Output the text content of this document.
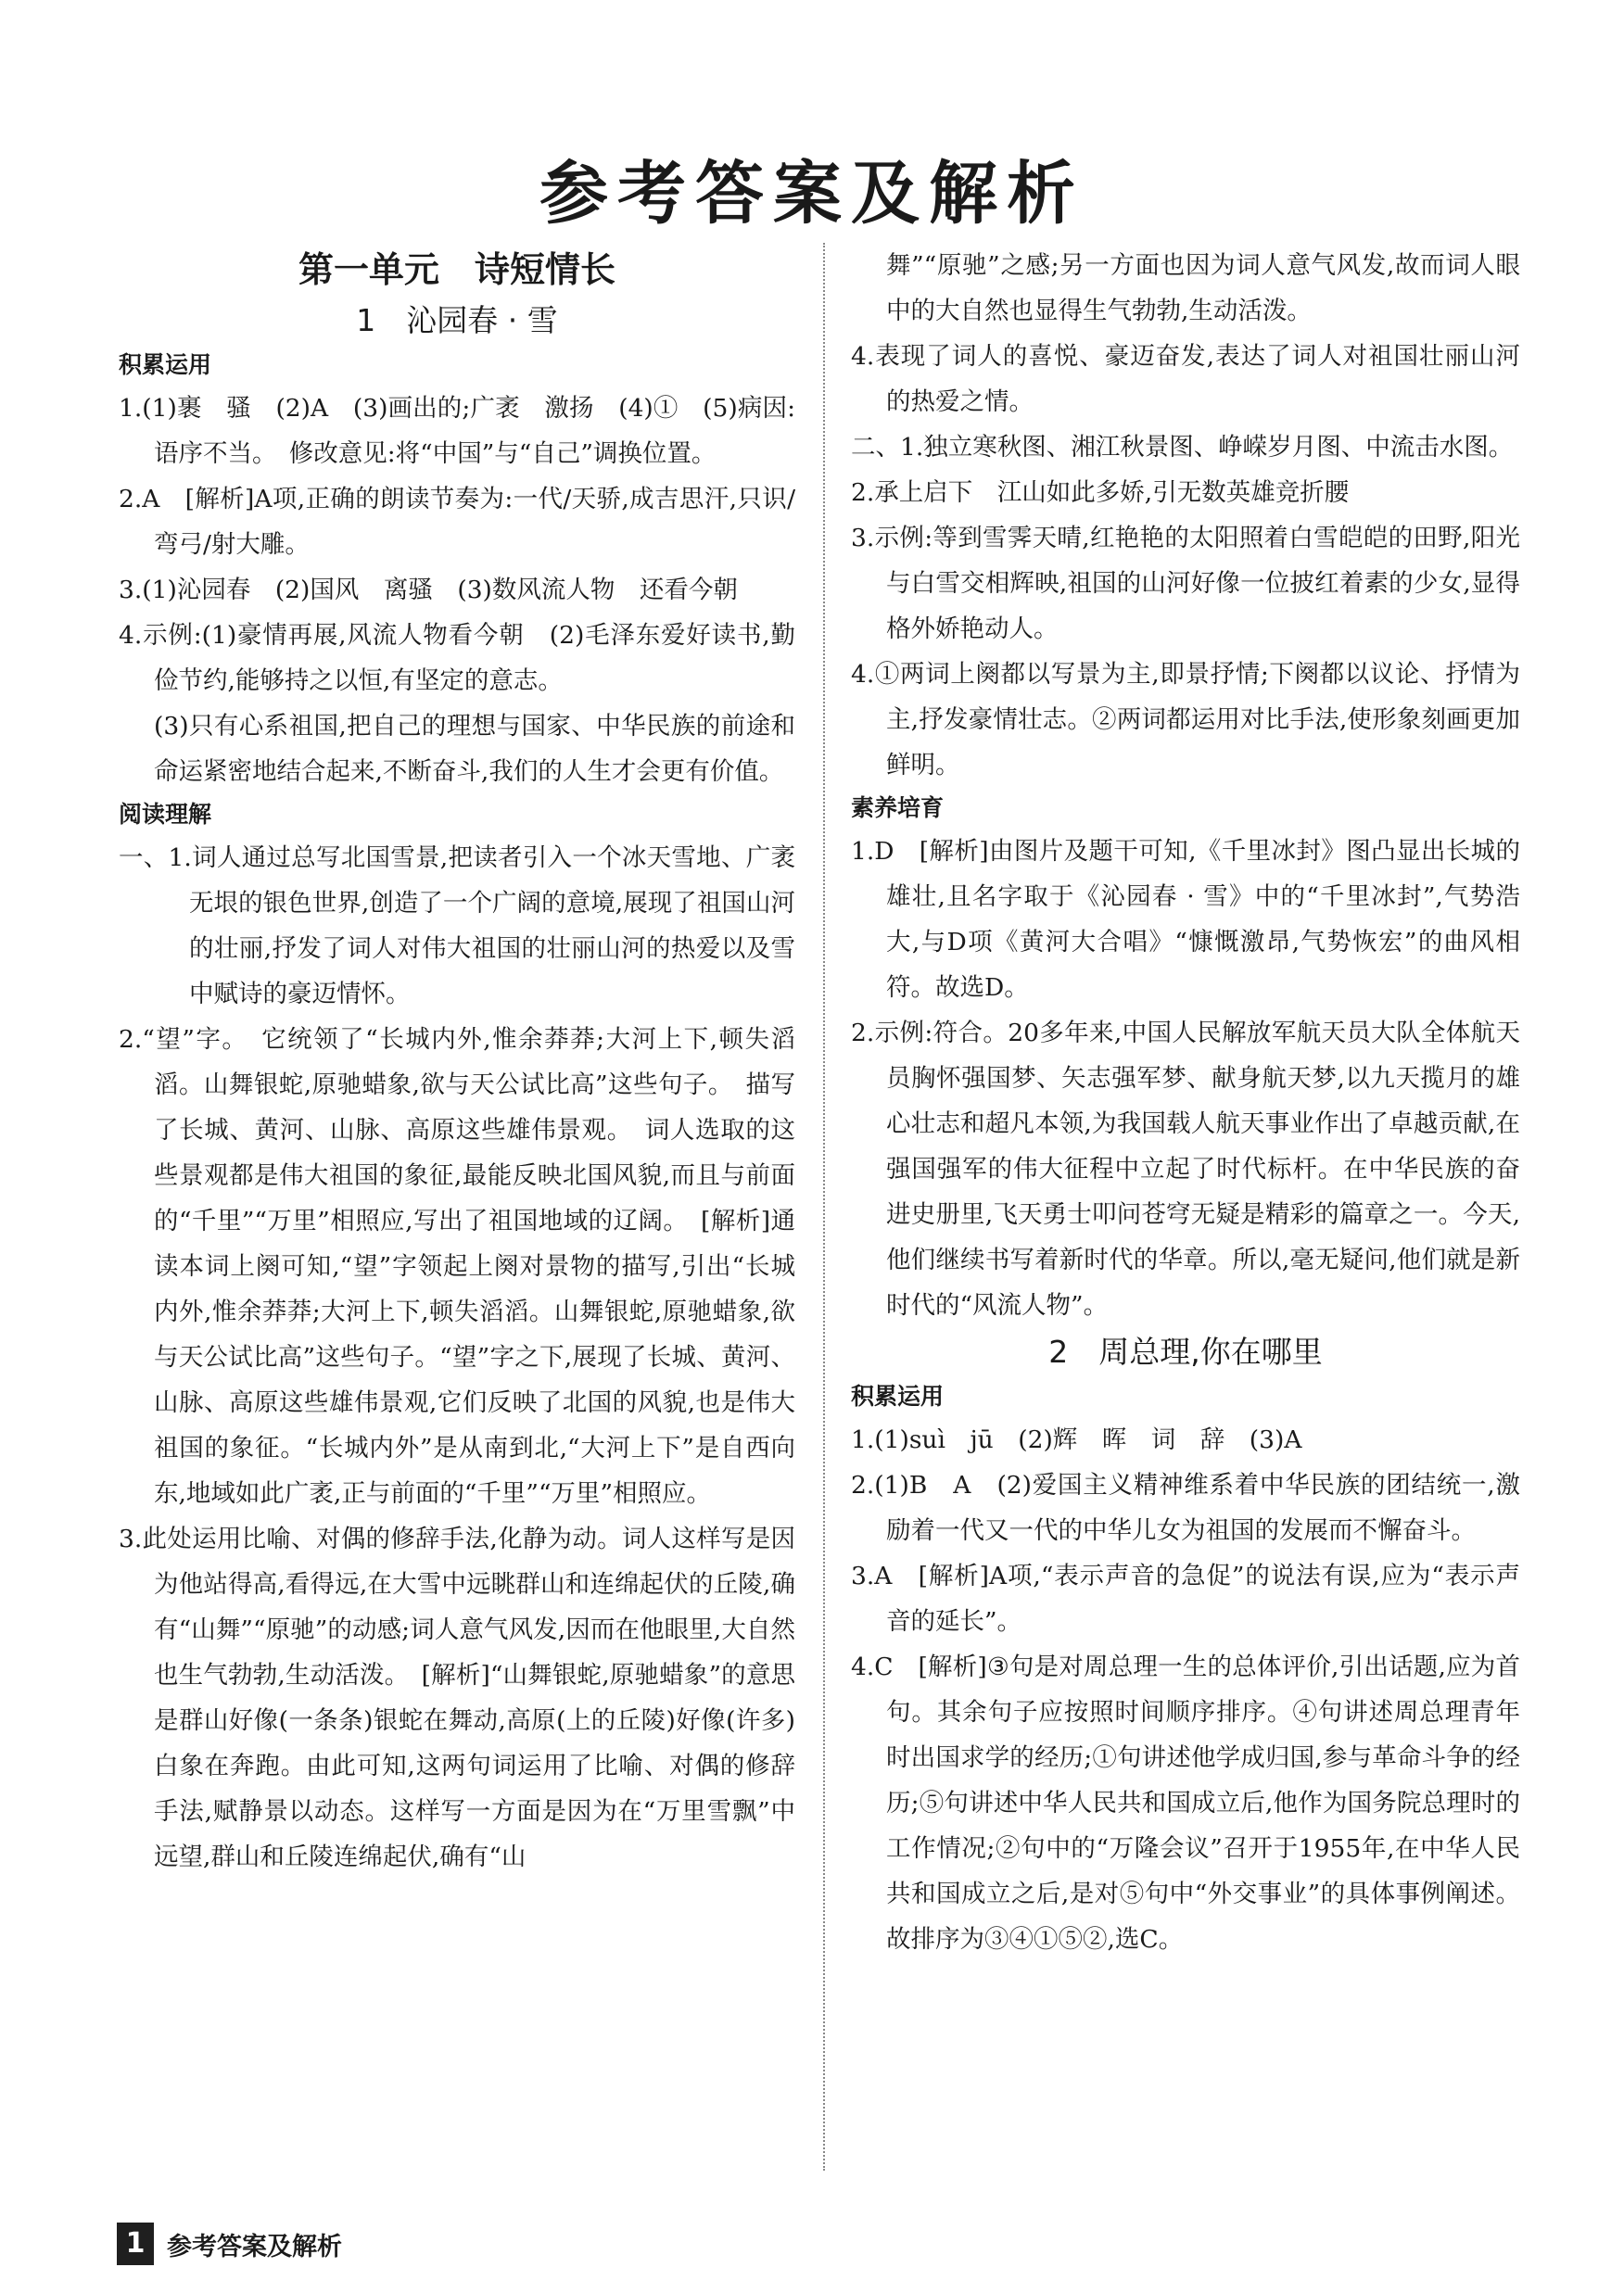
参考答案及解析

第一单元　诗短情长

1　沁园春 · 雪

积累运用

1.(1)裹　骚　(2)A　(3)画出的;广袤　激扬　(4)①　(5)病因:语序不当。　修改意见:将“中国”与“自己”调换位置。

2.A　[解析]A项,正确的朗读节奏为:一代/天骄,成吉思汗,只识/弯弓/射大雕。

3.(1)沁园春　(2)国风　离骚　(3)数风流人物　还看今朝

4.示例:(1)豪情再展,风流人物看今朝　(2)毛泽东爱好读书,勤俭节约,能够持之以恒,有坚定的意志。

(3)只有心系祖国,把自己的理想与国家、中华民族的前途和命运紧密地结合起来,不断奋斗,我们的人生才会更有价值。

阅读理解

一、1.词人通过总写北国雪景,把读者引入一个冰天雪地、广袤无垠的银色世界,创造了一个广阔的意境,展现了祖国山河的壮丽,抒发了词人对伟大祖国的壮丽山河的热爱以及雪中赋诗的豪迈情怀。

2.“望”字。　它统领了“长城内外,惟余莽莽;大河上下,顿失滔滔。山舞银蛇,原驰蜡象,欲与天公试比高”这些句子。　描写了长城、黄河、山脉、高原这些雄伟景观。　词人选取的这些景观都是伟大祖国的象征,最能反映北国风貌,而且与前面的“千里”“万里”相照应,写出了祖国地域的辽阔。　[解析]通读本词上阕可知,“望”字领起上阕对景物的描写,引出“长城内外,惟余莽莽;大河上下,顿失滔滔。山舞银蛇,原驰蜡象,欲与天公试比高”这些句子。“望”字之下,展现了长城、黄河、山脉、高原这些雄伟景观,它们反映了北国的风貌,也是伟大祖国的象征。“长城内外”是从南到北,“大河上下”是自西向东,地域如此广袤,正与前面的“千里”“万里”相照应。

3.此处运用比喻、对偶的修辞手法,化静为动。词人这样写是因为他站得高,看得远,在大雪中远眺群山和连绵起伏的丘陵,确有“山舞”“原驰”的动感;词人意气风发,因而在他眼里,大自然也生气勃勃,生动活泼。　[解析]“山舞银蛇,原驰蜡象”的意思是群山好像(一条条)银蛇在舞动,高原(上的丘陵)好像(许多)白象在奔跑。由此可知,这两句词运用了比喻、对偶的修辞手法,赋静景以动态。这样写一方面是因为在“万里雪飘”中远望,群山和丘陵连绵起伏,确有“山

舞”“原驰”之感;另一方面也因为词人意气风发,故而词人眼中的大自然也显得生气勃勃,生动活泼。

4.表现了词人的喜悦、豪迈奋发,表达了词人对祖国壮丽山河的热爱之情。

二、1.独立寒秋图、湘江秋景图、峥嵘岁月图、中流击水图。

2.承上启下　江山如此多娇,引无数英雄竞折腰

3.示例:等到雪霁天晴,红艳艳的太阳照着白雪皑皑的田野,阳光与白雪交相辉映,祖国的山河好像一位披红着素的少女,显得格外娇艳动人。

4.①两词上阕都以写景为主,即景抒情;下阕都以议论、抒情为主,抒发豪情壮志。②两词都运用对比手法,使形象刻画更加鲜明。

素养培育

1.D　[解析]由图片及题干可知,《千里冰封》图凸显出长城的雄壮,且名字取于《沁园春 · 雪》中的“千里冰封”,气势浩大,与D项《黄河大合唱》“慷慨激昂,气势恢宏”的曲风相符。故选D。

2.示例:符合。20多年来,中国人民解放军航天员大队全体航天员胸怀强国梦、矢志强军梦、献身航天梦,以九天揽月的雄心壮志和超凡本领,为我国载人航天事业作出了卓越贡献,在强国强军的伟大征程中立起了时代标杆。在中华民族的奋进史册里,飞天勇士叩问苍穹无疑是精彩的篇章之一。今天,他们继续书写着新时代的华章。所以,毫无疑问,他们就是新时代的“风流人物”。

2　周总理,你在哪里

积累运用

1.(1)suì　jū　(2)辉　晖　词　辞　(3)A

2.(1)B　A　(2)爱国主义精神维系着中华民族的团结统一,激励着一代又一代的中华儿女为祖国的发展而不懈奋斗。

3.A　[解析]A项,“表示声音的急促”的说法有误,应为“表示声音的延长”。

4.C　[解析]③句是对周总理一生的总体评价,引出话题,应为首句。其余句子应按照时间顺序排序。④句讲述周总理青年时出国求学的经历;①句讲述他学成归国,参与革命斗争的经历;⑤句讲述中华人民共和国成立后,他作为国务院总理时的工作情况;②句中的“万隆会议”召开于1955年,在中华人民共和国成立之后,是对⑤句中“外交事业”的具体事例阐述。故排序为③④①⑤②,选C。

1 参考答案及解析
